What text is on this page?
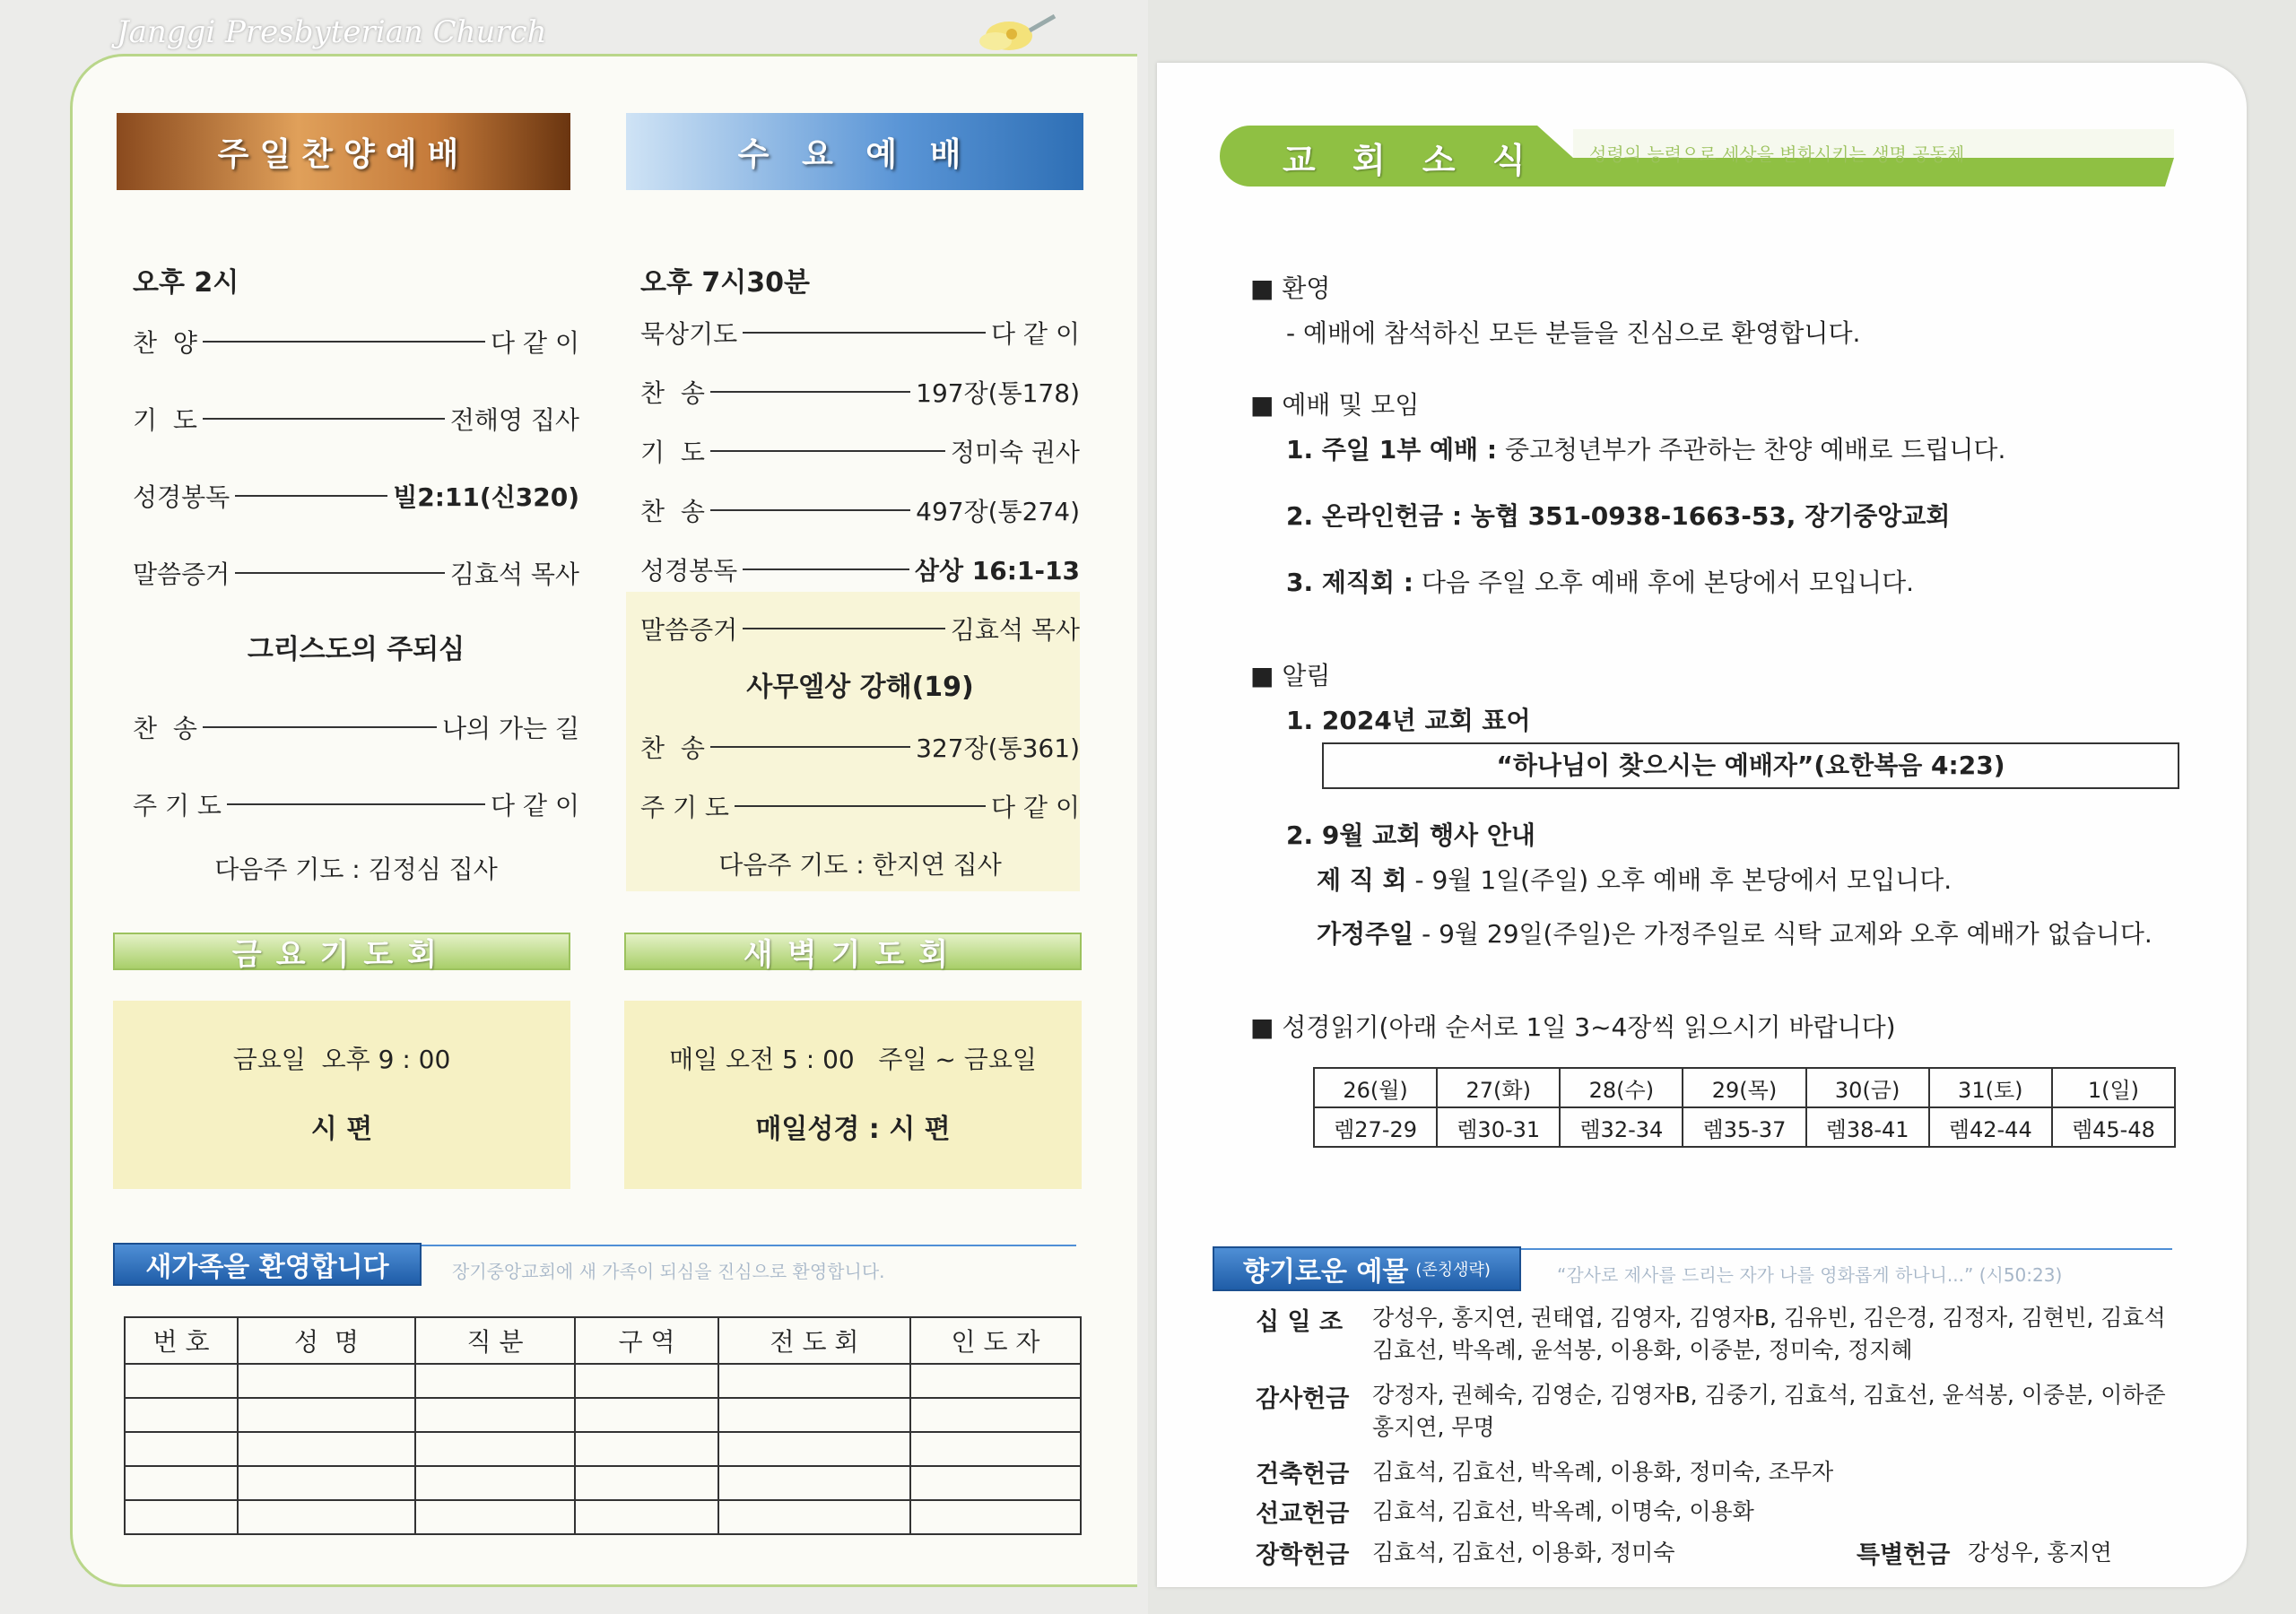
Janggi Presbyterian Church
주일찬양예배
오후 2시
찬  양	다 같 이
기  도	전해영 집사
성경봉독	빌2:11(신320)
말씀증거	김효석 목사
그리스도의 주되심
찬  송	나의 가는 길
주 기 도	다 같 이
다음주 기도 : 김정심 집사
수 요 예 배
오후 7시30분
묵상기도	다 같 이
찬  송	197장(통178)
기  도	정미숙 권사
찬  송	497장(통274)
성경봉독	삼상 16:1-13
말씀증거	김효석 목사
사무엘상 강해(19)
찬  송	327장(통361)
주 기 도	다 같 이
다음주 기도 : 한지연 집사
금요기도회	새벽기도회
금요일  오후 9 : 00
시 편
매일 오전 5 : 00   주일 ~ 금요일
매일성경 : 시 편
새가족을 환영합니다	장기중앙교회에 새 가족이 되심을 진심으로 환영합니다.
번 호	성  명	직 분	구 역	전 도 회	인 도 자

교 회 소 식	성령의 능력으로 세상을 변화시키는 생명 공동체
■ 환영
- 예배에 참석하신 모든 분들을 진심으로 환영합니다.
■ 예배 및 모임
1. 주일 1부 예배 : 중고청년부가 주관하는 찬양 예배로 드립니다.
2. 온라인헌금 : 농협 351-0938-1663-53, 장기중앙교회
3. 제직회 : 다음 주일 오후 예배 후에 본당에서 모입니다.
■ 알림
1. 2024년 교회 표어
“하나님이 찾으시는 예배자”(요한복음 4:23)
2. 9월 교회 행사 안내
제 직 회 - 9월 1일(주일) 오후 예배 후 본당에서 모입니다.
가정주일 - 9월 29일(주일)은 가정주일로 식탁 교제와 오후 예배가 없습니다.
■ 성경읽기(아래 순서로 1일 3~4장씩 읽으시기 바랍니다)
26(월)	27(화)	28(수)	29(목)	30(금)	31(토)	1(일)
렘27-29	렘30-31	렘32-34	렘35-37	렘38-41	렘42-44	렘45-48
향기로운 예물 (존칭생략)	“감사로 제사를 드리는 자가 나를 영화롭게 하나니...” (시50:23)
십 일 조	강성우, 홍지연, 권태엽, 김영자, 김영자B, 김유빈, 김은경, 김정자, 김현빈, 김효석
김효선, 박옥례, 윤석봉, 이용화, 이중분, 정미숙, 정지혜
감사헌금	강정자, 권혜숙, 김영순, 김영자B, 김중기, 김효석, 김효선, 윤석봉, 이중분, 이하준
홍지연, 무명
건축헌금	김효석, 김효선, 박옥례, 이용화, 정미숙, 조무자
선교헌금	김효석, 김효선, 박옥례, 이명숙, 이용화
장학헌금	김효석, 김효선, 이용화, 정미숙	특별헌금 강성우, 홍지연
